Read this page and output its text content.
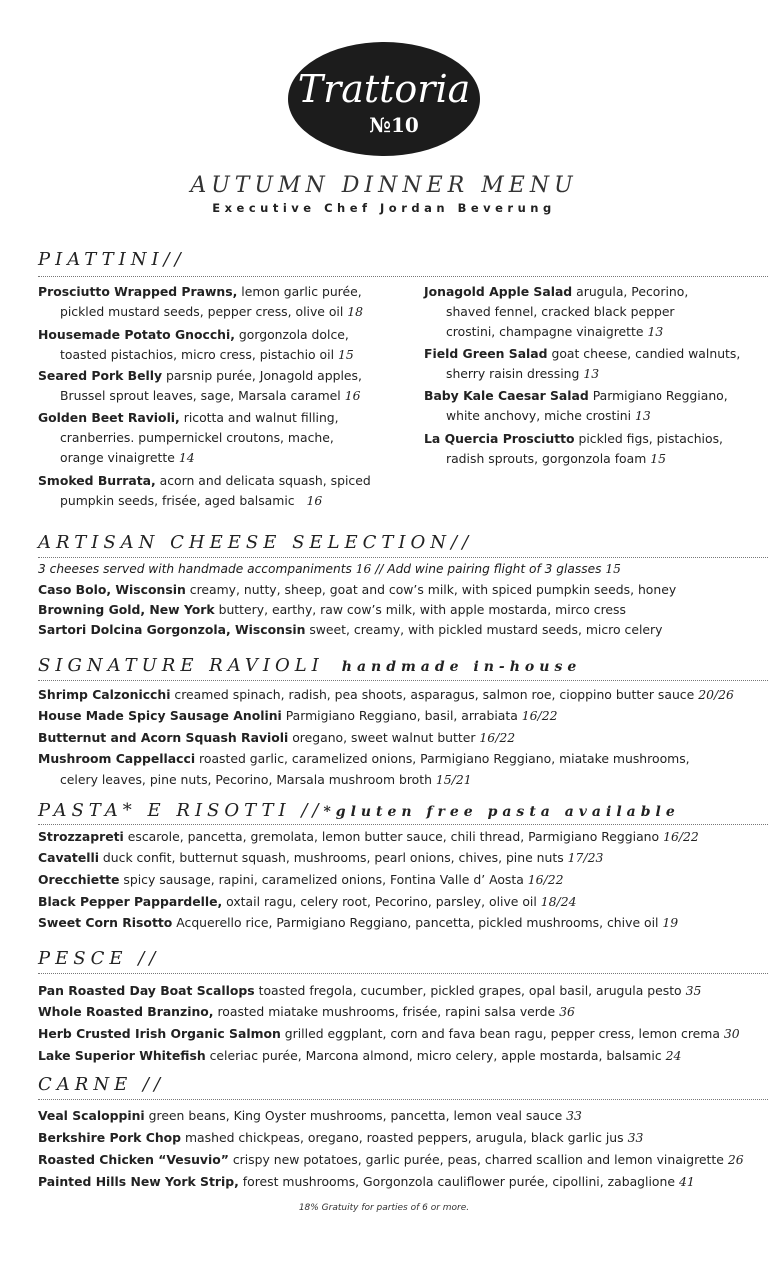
Trattoria
№10
AUTUMN DINNER MENU
Executive Chef Jordan Beverung
PIATTINI//
Prosciutto Wrapped Prawns, lemon garlic purée,
pickled mustard seeds, pepper cress, olive oil 18
Housemade Potato Gnocchi, gorgonzola dolce,
toasted pistachios, micro cress, pistachio oil 15
Seared Pork Belly parsnip purée, Jonagold apples,
Brussel sprout leaves, sage, Marsala caramel 16
Golden Beet Ravioli, ricotta and walnut filling,
cranberries. pumpernickel croutons, mache,
orange vinaigrette 14
Smoked Burrata, acorn and delicata squash, spiced
pumpkin seeds, frisée, aged balsamic 16
Jonagold Apple Salad arugula, Pecorino,
shaved fennel, cracked black pepper
crostini, champagne vinaigrette 13
Field Green Salad goat cheese, candied walnuts,
sherry raisin dressing 13
Baby Kale Caesar Salad Parmigiano Reggiano,
white anchovy, miche crostini 13
La Quercia Prosciutto pickled figs, pistachios,
radish sprouts, gorgonzola foam 15
ARTISAN CHEESE SELECTION//
3 cheeses served with handmade accompaniments 16 // Add wine pairing flight of 3 glasses 15
Caso Bolo, Wisconsin creamy, nutty, sheep, goat and cow’s milk, with spiced pumpkin seeds, honey
Browning Gold, New York buttery, earthy, raw cow’s milk, with apple mostarda, mirco cress
Sartori Dolcina Gorgonzola, Wisconsin sweet, creamy, with pickled mustard seeds, micro celery
SIGNATURE RAVIOLI handmade in-house
Shrimp Calzonicchi creamed spinach, radish, pea shoots, asparagus, salmon roe, cioppino butter sauce 20/26
House Made Spicy Sausage Anolini Parmigiano Reggiano, basil, arrabiata 16/22
Butternut and Acorn Squash Ravioli oregano, sweet walnut butter 16/22
Mushroom Cappellacci roasted garlic, caramelized onions, Parmigiano Reggiano, miatake mushrooms,
celery leaves, pine nuts, Pecorino, Marsala mushroom broth 15/21
PASTA* E RISOTTI //*gluten free pasta available
Strozzapreti escarole, pancetta, gremolata, lemon butter sauce, chili thread, Parmigiano Reggiano 16/22
Cavatelli duck confit, butternut squash, mushrooms, pearl onions, chives, pine nuts 17/23
Orecchiette spicy sausage, rapini, caramelized onions, Fontina Valle d’ Aosta 16/22
Black Pepper Pappardelle, oxtail ragu, celery root, Pecorino, parsley, olive oil 18/24
Sweet Corn Risotto Acquerello rice, Parmigiano Reggiano, pancetta, pickled mushrooms, chive oil 19
PESCE //
Pan Roasted Day Boat Scallops toasted fregola, cucumber, pickled grapes, opal basil, arugula pesto 35
Whole Roasted Branzino, roasted miatake mushrooms, frisée, rapini salsa verde 36
Herb Crusted Irish Organic Salmon grilled eggplant, corn and fava bean ragu, pepper cress, lemon crema 30
Lake Superior Whitefish celeriac purée, Marcona almond, micro celery, apple mostarda, balsamic 24
CARNE //
Veal Scaloppini green beans, King Oyster mushrooms, pancetta, lemon veal sauce 33
Berkshire Pork Chop mashed chickpeas, oregano, roasted peppers, arugula, black garlic jus 33
Roasted Chicken “Vesuvio” crispy new potatoes, garlic purée, peas, charred scallion and lemon vinaigrette 26
Painted Hills New York Strip, forest mushrooms, Gorgonzola cauliflower purée, cipollini, zabaglione 41
18% Gratuity for parties of 6 or more.
